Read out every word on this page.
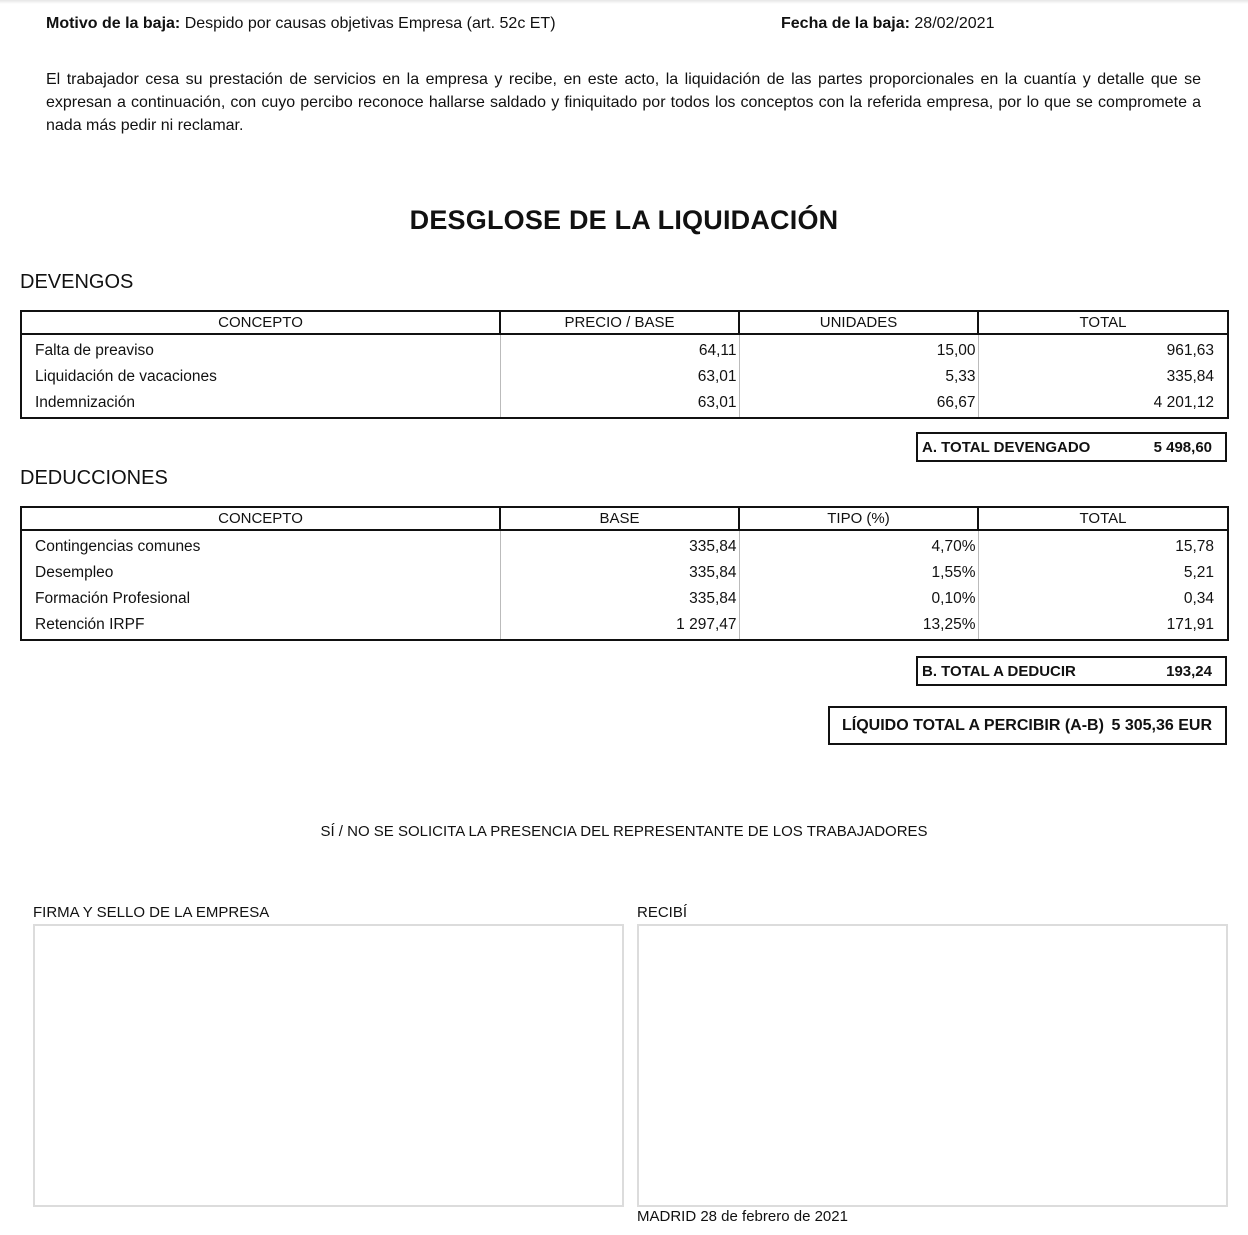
Motivo de la baja: Despido por causas objetivas Empresa (art. 52c ET)	Fecha de la baja: 28/02/2021
El trabajador cesa su prestación de servicios en la empresa y recibe, en este acto, la liquidación de las partes proporcionales en la cuantía y detalle que se expresan a continuación, con cuyo percibo reconoce hallarse saldado y finiquitado por todos los conceptos con la referida empresa, por lo que se compromete a nada más pedir ni reclamar.
DESGLOSE DE LA LIQUIDACIÓN
DEVENGOS
CONCEPTO	PRECIO / BASE	UNIDADES	TOTAL
Falta de preaviso	64,11	15,00	961,63
Liquidación de vacaciones	63,01	5,33	335,84
Indemnización	63,01	66,67	4 201,12
A. TOTAL DEVENGADO	5 498,60
DEDUCCIONES
CONCEPTO	BASE	TIPO (%)	TOTAL
Contingencias comunes	335,84	4,70%	15,78
Desempleo	335,84	1,55%	5,21
Formación Profesional	335,84	0,10%	0,34
Retención IRPF	1 297,47	13,25%	171,91
B. TOTAL A DEDUCIR	193,24
LÍQUIDO TOTAL A PERCIBIR (A-B) 5 305,36 EUR
SÍ / NO SE SOLICITA LA PRESENCIA DEL REPRESENTANTE DE LOS TRABAJADORES
FIRMA Y SELLO DE LA EMPRESA	RECIBÍ
MADRID 28 de febrero de 2021
